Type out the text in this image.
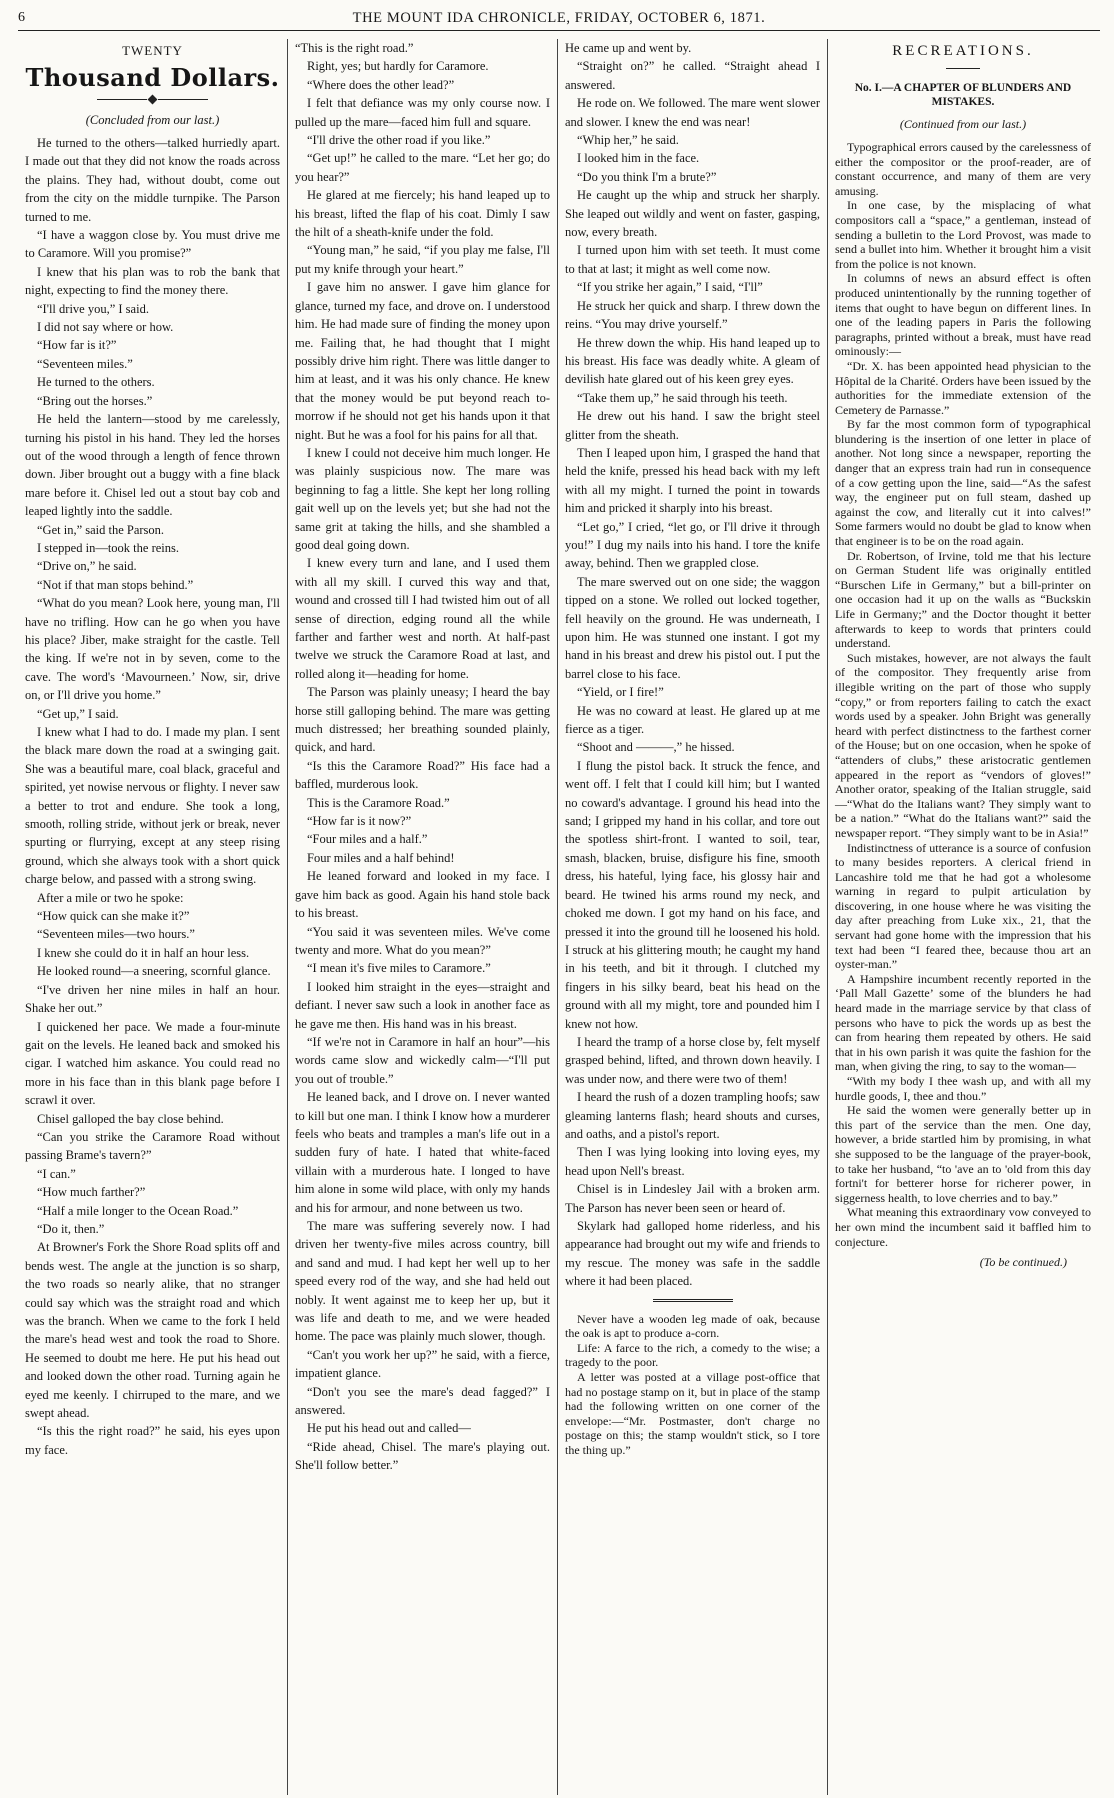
6	THE MOUNT IDA CHRONICLE, FRIDAY, OCTOBER 6, 1871.
TWENTY
Thousand Dollars.
(Concluded from our last.)

He turned to the others—talked hurriedly apart. I made out that they did not know the roads across the plains. They had, without doubt, come out from the city on the middle turnpike. The Parson turned to me.

“I have a waggon close by. You must drive me to Caramore. Will you promise?”

I knew that his plan was to rob the bank that night, expecting to find the money there.

“I'll drive you,” I said.

I did not say where or how.

“How far is it?”

“Seventeen miles.”

He turned to the others.

“Bring out the horses.”

He held the lantern—stood by me carelessly, turning his pistol in his hand. They led the horses out of the wood through a length of fence thrown down. Jiber brought out a buggy with a fine black mare before it. Chisel led out a stout bay cob and leaped lightly into the saddle.

“Get in,” said the Parson.

I stepped in—took the reins.

“Drive on,” he said.

“Not if that man stops behind.”

“What do you mean? Look here, young man, I'll have no trifling. How can he go when you have his place? Jiber, make straight for the castle. Tell the king. If we're not in by seven, come to the cave. The word's ‘Mavourneen.’ Now, sir, drive on, or I'll drive you home.”

“Get up,” I said.

I knew what I had to do. I made my plan. I sent the black mare down the road at a swinging gait. She was a beautiful mare, coal black, graceful and spirited, yet nowise nervous or flighty. I never saw a better to trot and endure. She took a long, smooth, rolling stride, without jerk or break, never spurting or flurrying, except at any steep rising ground, which she always took with a short quick charge below, and passed with a strong swing.

After a mile or two he spoke:

“How quick can she make it?”

“Seventeen miles—two hours.”

I knew she could do it in half an hour less.

He looked round—a sneering, scornful glance.

“I've driven her nine miles in half an hour. Shake her out.”

I quickened her pace. We made a four-minute gait on the levels. He leaned back and smoked his cigar. I watched him askance. You could read no more in his face than in this blank page before I scrawl it over.

Chisel galloped the bay close behind.

“Can you strike the Caramore Road without passing Brame's tavern?”

“I can.”

“How much farther?”

“Half a mile longer to the Ocean Road.”

“Do it, then.”

At Browner's Fork the Shore Road splits off and bends west. The angle at the junction is so sharp, the two roads so nearly alike, that no stranger could say which was the straight road and which was the branch. When we came to the fork I held the mare's head west and took the road to Shore. He seemed to doubt me here. He put his head out and looked down the other road. Turning again he eyed me keenly. I chirruped to the mare, and we swept ahead.

“Is this the right road?” he said, his eyes upon my face.

“This is the right road.”

Right, yes; but hardly for Caramore.

“Where does the other lead?”

I felt that defiance was my only course now. I pulled up the mare—faced him full and square.

“I'll drive the other road if you like.”

“Get up!” he called to the mare. “Let her go; do you hear?”

He glared at me fiercely; his hand leaped up to his breast, lifted the flap of his coat. Dimly I saw the hilt of a sheath-knife under the fold.

“Young man,” he said, “if you play me false, I'll put my knife through your heart.”

I gave him no answer. I gave him glance for glance, turned my face, and drove on. I understood him. He had made sure of finding the money upon me. Failing that, he had thought that I might possibly drive him right. There was little danger to him at least, and it was his only chance. He knew that the money would be put beyond reach to-morrow if he should not get his hands upon it that night. But he was a fool for his pains for all that.

I knew I could not deceive him much longer. He was plainly suspicious now. The mare was beginning to fag a little. She kept her long rolling gait well up on the levels yet; but she had not the same grit at taking the hills, and she shambled a good deal going down.

I knew every turn and lane, and I used them with all my skill. I curved this way and that, wound and crossed till I had twisted him out of all sense of direction, edging round all the while farther and farther west and north. At half-past twelve we struck the Caramore Road at last, and rolled along it—heading for home.

The Parson was plainly uneasy; I heard the bay horse still galloping behind. The mare was getting much distressed; her breathing sounded plainly, quick, and hard.

“Is this the Caramore Road?” His face had a baffled, murderous look.

This is the Caramore Road.”

“How far is it now?”

“Four miles and a half.”

Four miles and a half behind!

He leaned forward and looked in my face. I gave him back as good. Again his hand stole back to his breast.

“You said it was seventeen miles. We've come twenty and more. What do you mean?”

“I mean it's five miles to Caramore.”

I looked him straight in the eyes—straight and defiant. I never saw such a look in another face as he gave me then. His hand was in his breast.

“If we're not in Caramore in half an hour”—his words came slow and wickedly calm—“I'll put you out of trouble.”

He leaned back, and I drove on. I never wanted to kill but one man. I think I know how a murderer feels who beats and tramples a man's life out in a sudden fury of hate. I hated that white-faced villain with a murderous hate. I longed to have him alone in some wild place, with only my hands and his for armour, and none between us two.

The mare was suffering severely now. I had driven her twenty-five miles across country, bill and sand and mud. I had kept her well up to her speed every rod of the way, and she had held out nobly. It went against me to keep her up, but it was life and death to me, and we were headed home. The pace was plainly much slower, though.

“Can't you work her up?” he said, with a fierce, impatient glance.

“Don't you see the mare's dead fagged?” I answered.

He put his head out and called—

“Ride ahead, Chisel. The mare's playing out. She'll follow better.”

He came up and went by.

“Straight on?” he called. “Straight ahead I answered.

He rode on. We followed. The mare went slower and slower. I knew the end was near!

“Whip her,” he said.

I looked him in the face.

“Do you think I'm a brute?”

He caught up the whip and struck her sharply. She leaped out wildly and went on faster, gasping, now, every breath.

I turned upon him with set teeth. It must come to that at last; it might as well come now.

“If you strike her again,” I said, “I'll”

He struck her quick and sharp. I threw down the reins. “You may drive yourself.”

He threw down the whip. His hand leaped up to his breast. His face was deadly white. A gleam of devilish hate glared out of his keen grey eyes.

“Take them up,” he said through his teeth.

He drew out his hand. I saw the bright steel glitter from the sheath.

Then I leaped upon him, I grasped the hand that held the knife, pressed his head back with my left with all my might. I turned the point in towards him and pricked it sharply into his breast.

“Let go,” I cried, “let go, or I'll drive it through you!” I dug my nails into his hand. I tore the knife away, behind. Then we grappled close.

The mare swerved out on one side; the waggon tipped on a stone. We rolled out locked together, fell heavily on the ground. He was underneath, I upon him. He was stunned one instant. I got my hand in his breast and drew his pistol out. I put the barrel close to his face.

“Yield, or I fire!”

He was no coward at least. He glared up at me fierce as a tiger.

“Shoot and ———,” he hissed.

I flung the pistol back. It struck the fence, and went off. I felt that I could kill him; but I wanted no coward's advantage. I ground his head into the sand; I gripped my hand in his collar, and tore out the spotless shirt-front. I wanted to soil, tear, smash, blacken, bruise, disfigure his fine, smooth dress, his hateful, lying face, his glossy hair and beard. He twined his arms round my neck, and choked me down. I got my hand on his face, and pressed it into the ground till he loosened his hold. I struck at his glittering mouth; he caught my hand in his teeth, and bit it through. I clutched my fingers in his silky beard, beat his head on the ground with all my might, tore and pounded him I knew not how.

I heard the tramp of a horse close by, felt myself grasped behind, lifted, and thrown down heavily. I was under now, and there were two of them!

I heard the rush of a dozen trampling hoofs; saw gleaming lanterns flash; heard shouts and curses, and oaths, and a pistol's report.

Then I was lying looking into loving eyes, my head upon Nell's breast.

Chisel is in Lindesley Jail with a broken arm. The Parson has never been seen or heard of.

Skylark had galloped home riderless, and his appearance had brought out my wife and friends to my rescue. The money was safe in the saddle where it had been placed.

Never have a wooden leg made of oak, because the oak is apt to produce a-corn.

Life: A farce to the rich, a comedy to the wise; a tragedy to the poor.

A letter was posted at a village post-office that had no postage stamp on it, but in place of the stamp had the following written on one corner of the envelope:—“Mr. Postmaster, don't charge no postage on this; the stamp wouldn't stick, so I tore the thing up.”

RECREATIONS.
No. I.—A CHAPTER OF BLUNDERS AND MISTAKES.
(Continued from our last.)

Typographical errors caused by the carelessness of either the compositor or the proof-reader, are of constant occurrence, and many of them are very amusing.

In one case, by the misplacing of what compositors call a “space,” a gentleman, instead of sending a bulletin to the Lord Provost, was made to send a bullet into him. Whether it brought him a visit from the police is not known.

In columns of news an absurd effect is often produced unintentionally by the running together of items that ought to have begun on different lines. In one of the leading papers in Paris the following paragraphs, printed without a break, must have read ominously:—

“Dr. X. has been appointed head physician to the Hôpital de la Charité. Orders have been issued by the authorities for the immediate extension of the Cemetery de Parnasse.”

By far the most common form of typographical blundering is the insertion of one letter in place of another. Not long since a newspaper, reporting the danger that an express train had run in consequence of a cow getting upon the line, said—“As the safest way, the engineer put on full steam, dashed up against the cow, and literally cut it into calves!” Some farmers would no doubt be glad to know when that engineer is to be on the road again.

Dr. Robertson, of Irvine, told me that his lecture on German Student life was originally entitled “Burschen Life in Germany,” but a bill-printer on one occasion had it up on the walls as “Buckskin Life in Germany;” and the Doctor thought it better afterwards to keep to words that printers could understand.

Such mistakes, however, are not always the fault of the compositor. They frequently arise from illegible writing on the part of those who supply “copy,” or from reporters failing to catch the exact words used by a speaker. John Bright was generally heard with perfect distinctness to the farthest corner of the House; but on one occasion, when he spoke of “attenders of clubs,” these aristocratic gentlemen appeared in the report as “vendors of gloves!” Another orator, speaking of the Italian struggle, said—“What do the Italians want? They simply want to be a nation.” “What do the Italians want?” said the newspaper report. “They simply want to be in Asia!”

Indistinctness of utterance is a source of confusion to many besides reporters. A clerical friend in Lancashire told me that he had got a wholesome warning in regard to pulpit articulation by discovering, in one house where he was visiting the day after preaching from Luke xix., 21, that the servant had gone home with the impression that his text had been “I feared thee, because thou art an oyster-man.”

A Hampshire incumbent recently reported in the ‘Pall Mall Gazette’ some of the blunders he had heard made in the marriage service by that class of persons who have to pick the words up as best the can from hearing them repeated by others. He said that in his own parish it was quite the fashion for the man, when giving the ring, to say to the woman—

“With my body I thee wash up, and with all my hurdle goods, I, thee and thou.”

He said the women were generally better up in this part of the service than the men. One day, however, a bride startled him by promising, in what she supposed to be the language of the prayer-book, to take her husband, “to 'ave an to 'old from this day fortni't for betterer horse for richerer power, in siggerness health, to love cherries and to bay.”

What meaning this extraordinary vow conveyed to her own mind the incumbent said it baffled him to conjecture.

(To be continued.)
